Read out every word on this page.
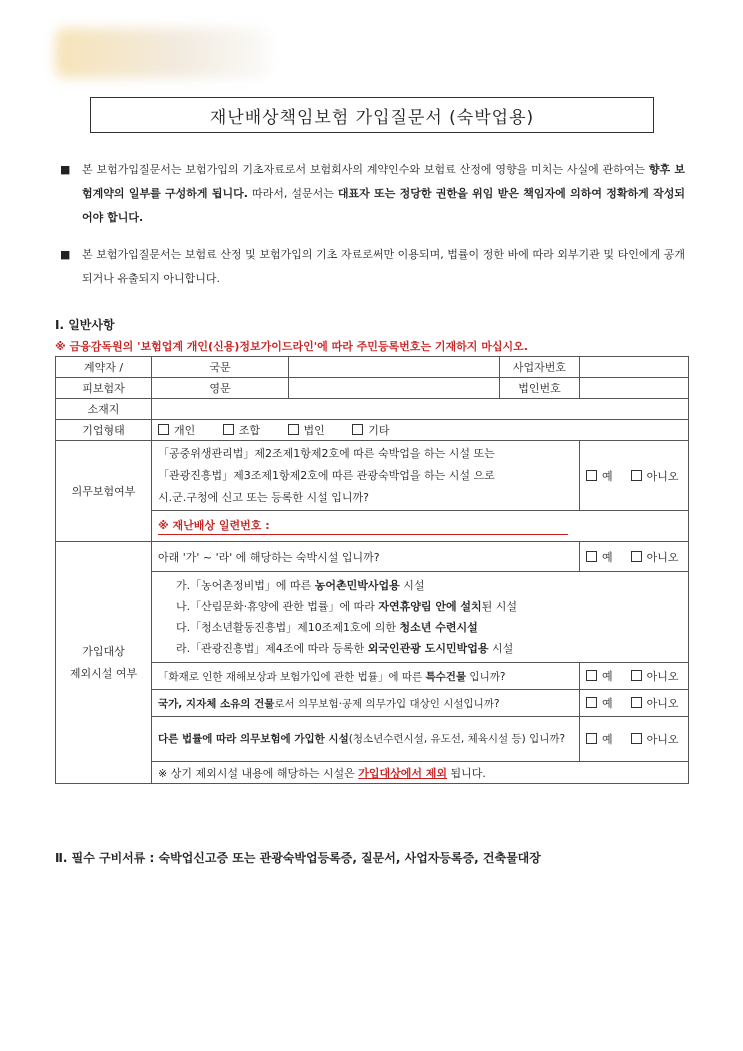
재난배상책임보험 가입질문서 (숙박업용)
■	본 보험가입질문서는 보험가입의 기초자료로서 보험회사의 계약인수와 보험료 산정에 영향을 미치는 사실에 관하여는 향후 보험계약의 일부를 구성하게 됩니다. 따라서, 설문서는 대표자 또는 정당한 권한을 위임 받은 책임자에 의하여 정확하게 작성되어야 합니다.
■	본 보험가입질문서는 보험료 산정 및 보험가입의 기초 자료로써만 이용되며, 법률이 정한 바에 따라 외부기관 및 타인에게 공개되거나 유출되지 아니합니다.
Ⅰ. 일반사항
※ 금융감독원의 '보험업계 개인(신용)정보가이드라인'에 따라 주민등록번호는 기재하지 마십시오.
계약자 /	국문		사업자번호	
피보험자	영문		법인번호	
소재지				
기업형태	개인 조합 법인 기타			
의무보험여부	「공중위생관리법」제2조제1항제2호에 따른 숙박업을 하는 시설 또는
「관광진흥법」제3조제1항제2호에 따른 관광숙박업을 하는 시설 으로
시.군.구청에 신고 또는 등록한 시설 입니까?			예 아니오
	※ 재난배상 일련번호 :			

가입대상
제외시설 여부	아래 '가' ~ '라' 에 해당하는 숙박시설 입니까?			예 아니오

	가.「농어촌정비법」에 따른 농어촌민박사업용 시설
나.「산림문화·휴양에 관한 법률」에 따라 자연휴양림 안에 설치된 시설
다.「청소년활동진흥법」제10조제1호에 의한 청소년 수련시설
라.「관광진흥법」제4조에 따라 등록한 외국인관광 도시민박업용 시설			

	「화재로 인한 재해보상과 보험가입에 관한 법률」에 따른 특수건물 입니까?			예 아니오
	국가, 지자체 소유의 건물로서 의무보험·공제 의무가입 대상인 시설입니까?			예 아니오
	다른 법률에 따라 의무보험에 가입한 시설(청소년수련시설, 유도선, 체육시설 등) 입니까?			예 아니오
	※ 상기 제외시설 내용에 해당하는 시설은 가입대상에서 제외 됩니다.			
Ⅱ. 필수 구비서류 : 숙박업신고증 또는 관광숙박업등록증, 질문서, 사업자등록증, 건축물대장
